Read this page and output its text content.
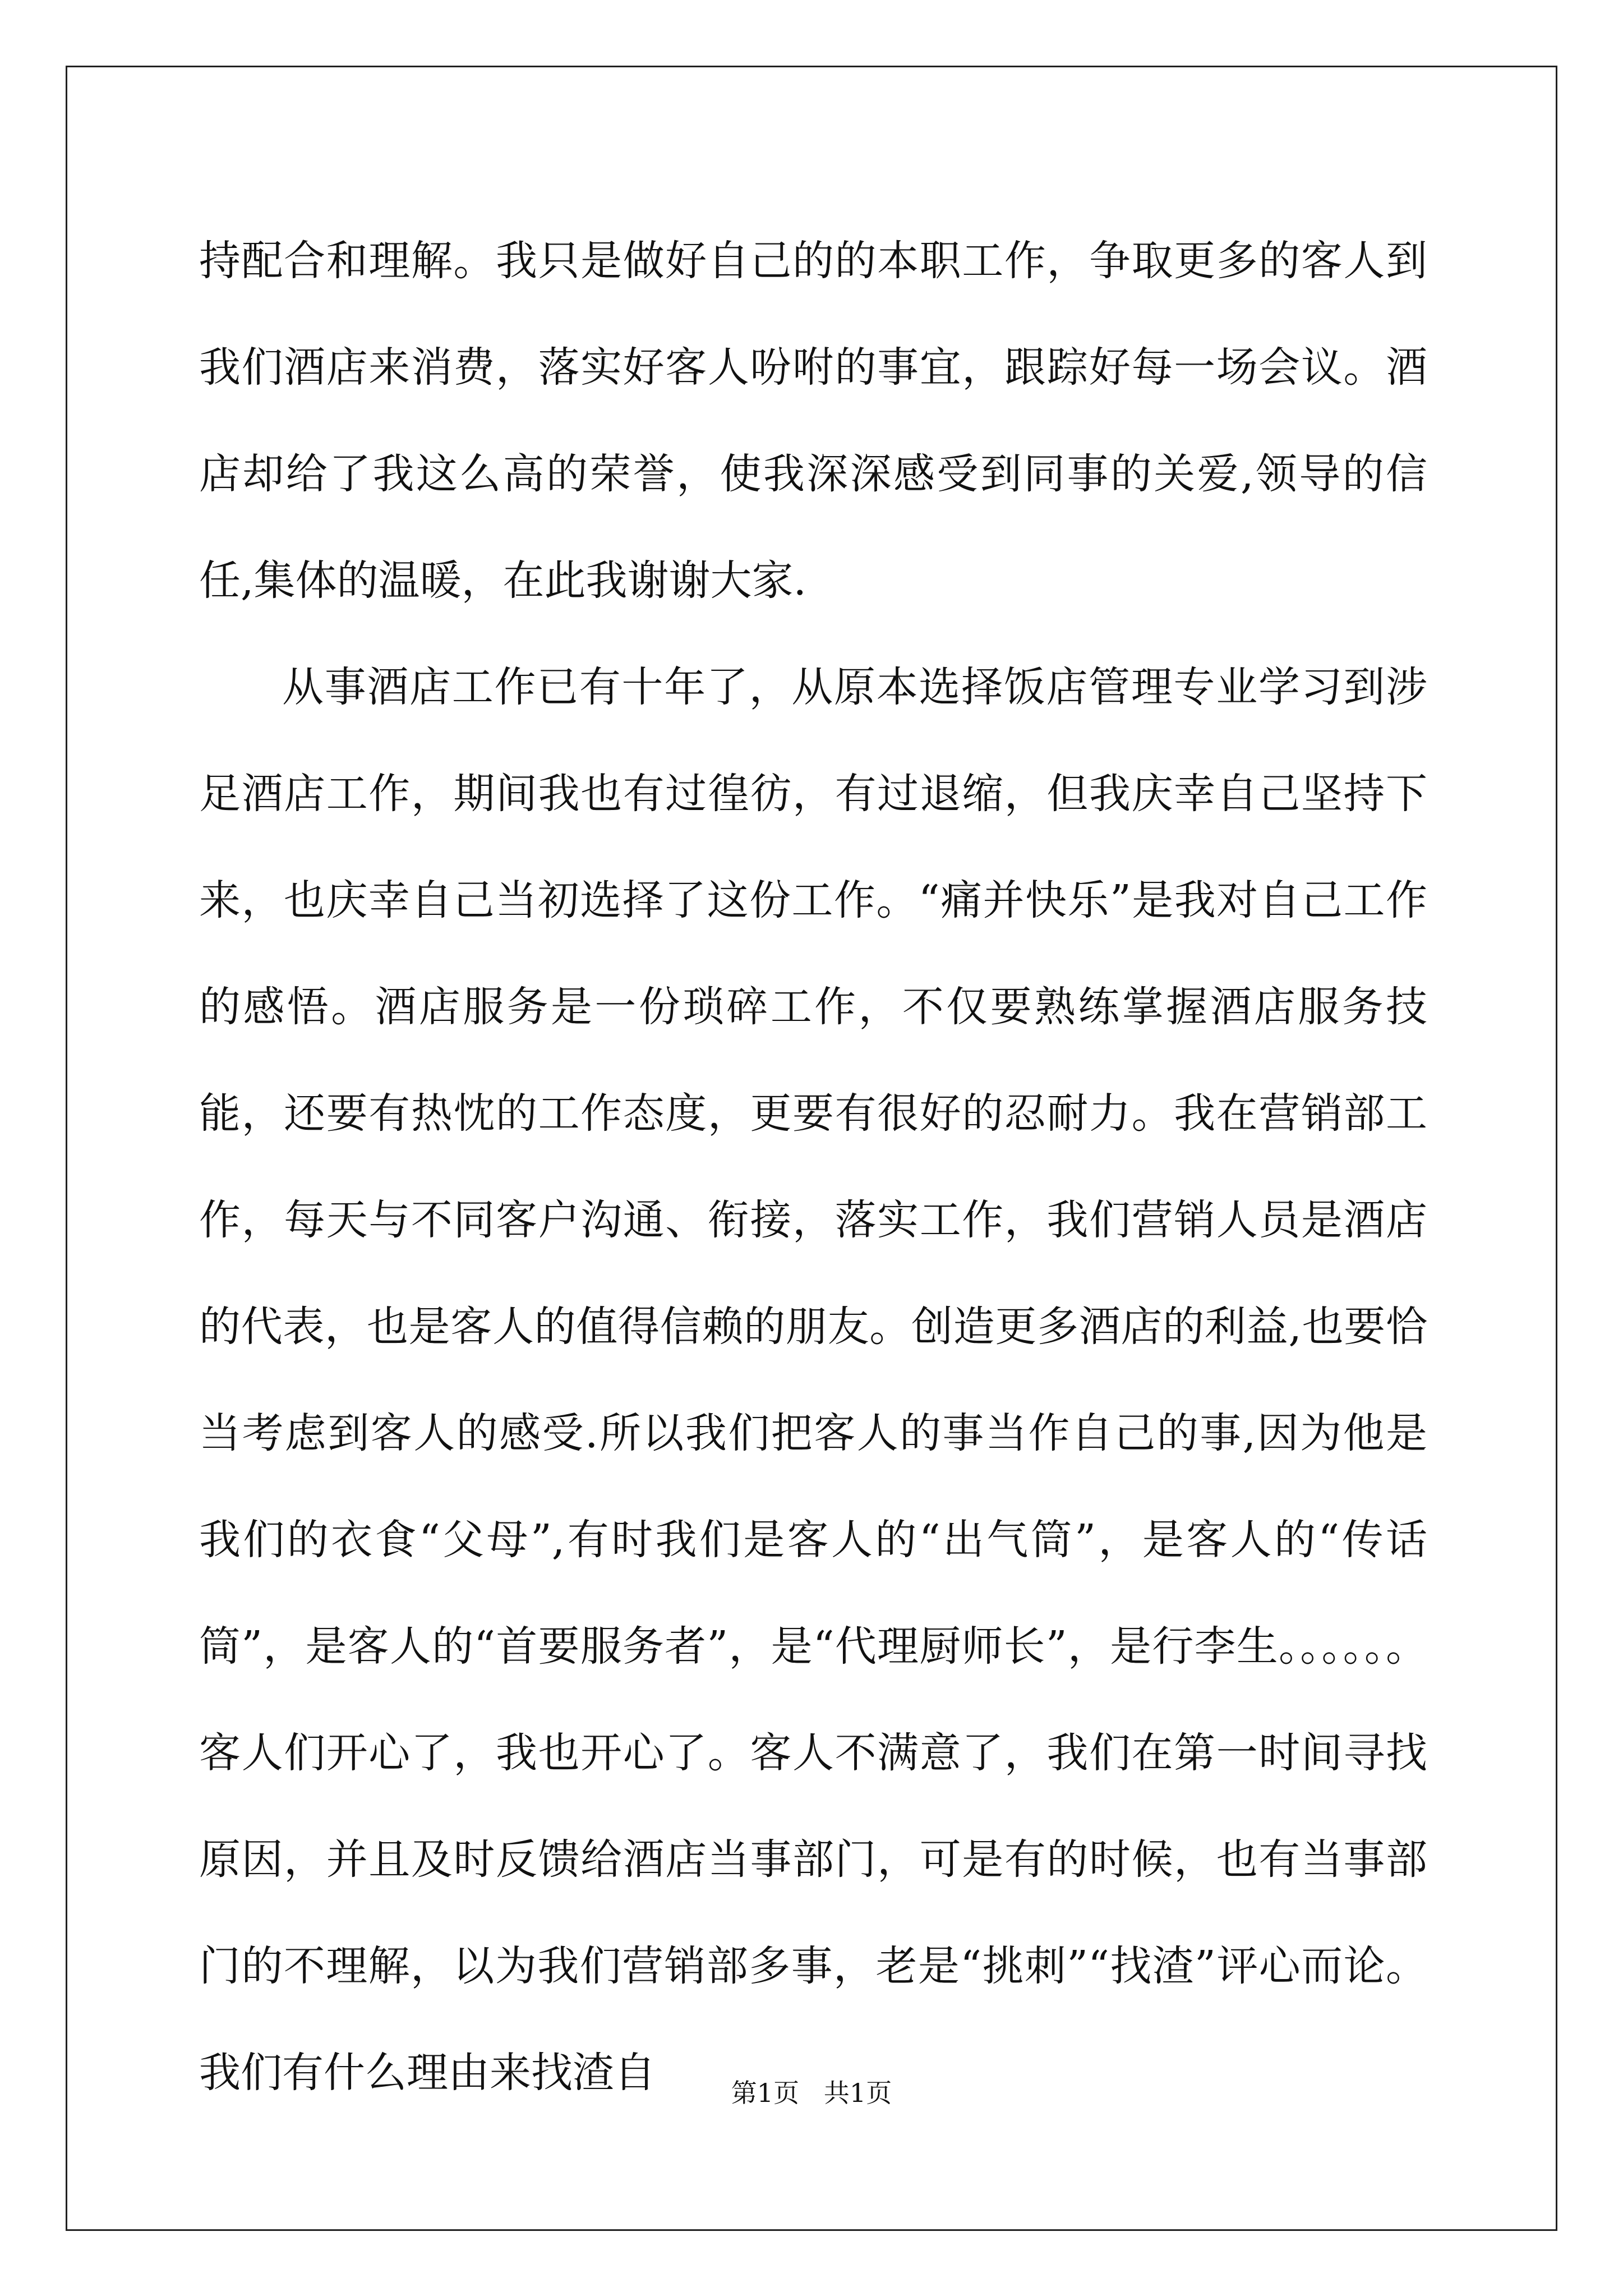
持配合和理解。我只是做好自己的的本职工作，争取更多的客人到我们酒店来消费，落实好客人吩咐的事宜，跟踪好每一场会议。酒店却给了我这么高的荣誉，使我深深感受到同事的关爱,领导的信任,集体的温暖，在此我谢谢大家.

从事酒店工作已有十年了，从原本选择饭店管理专业学习到涉足酒店工作，期间我也有过徨彷，有过退缩，但我庆幸自己坚持下来，也庆幸自己当初选择了这份工作。“痛并快乐”是我对自己工作的感悟。酒店服务是一份琐碎工作，不仅要熟练掌握酒店服务技能，还要有热忱的工作态度，更要有很好的忍耐力。我在营销部工作，每天与不同客户沟通、衔接，落实工作，我们营销人员是酒店的代表，也是客人的值得信赖的朋友。创造更多酒店的利益,也要恰当考虑到客人的感受.所以我们把客人的事当作自己的事,因为他是我们的衣食“父母”,有时我们是客人的“出气筒”，是客人的“传话筒”，是客人的“首要服务者”，是“代理厨师长”，是行李生。。。。。。客人们开心了，我也开心了。客人不满意了，我们在第一时间寻找原因，并且及时反馈给酒店当事部门，可是有的时候，也有当事部门的不理解，以为我们营销部多事，老是“挑刺”“找渣”评心而论。我们有什么理由来找渣自	第1页   共1页
